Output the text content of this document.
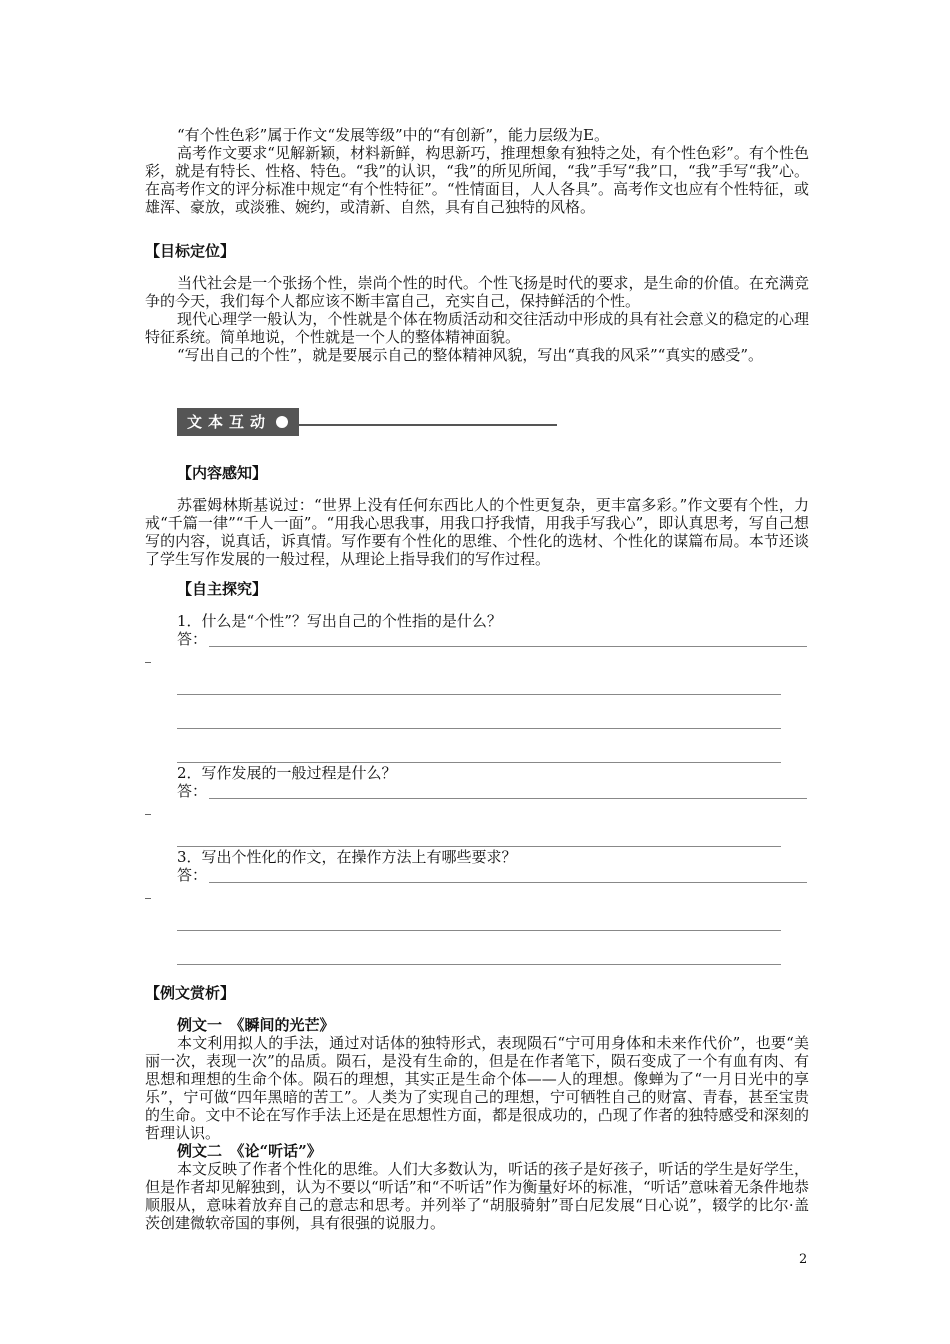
“有个性色彩”属于作文“发展等级”中的“有创新”，能力层级为E。

高考作文要求“见解新颖，材料新鲜，构思新巧，推理想象有独特之处，有个性色彩”。有个性色彩，就是有特长、性格、特色。“我”的认识，“我”的所见所闻，“我”手写“我”口，“我”手写“我”心。在高考作文的评分标准中规定“有个性特征”。“性情面目，人人各具”。高考作文也应有个性特征，或雄浑、豪放，或淡雅、婉约，或清新、自然，具有自己独特的风格。

【目标定位】

当代社会是一个张扬个性，崇尚个性的时代。个性飞扬是时代的要求，是生命的价值。在充满竞争的今天，我们每个人都应该不断丰富自己，充实自己，保持鲜活的个性。

现代心理学一般认为，个性就是个体在物质活动和交往活动中形成的具有社会意义的稳定的心理特征系统。简单地说，个性就是一个人的整体精神面貌。

“写出自己的个性”，就是要展示自己的整体精神风貌，写出“真我的风采”“真实的感受”。

文本互动
【内容感知】

苏霍姆林斯基说过：“世界上没有任何东西比人的个性更复杂，更丰富多彩。”作文要有个性，力戒“千篇一律”“千人一面”。“用我心思我事，用我口抒我情，用我手写我心”，即认真思考，写自己想写的内容，说真话，诉真情。写作要有个性化的思维、个性化的选材、个性化的谋篇布局。本节还谈了学生写作发展的一般过程，从理论上指导我们的写作过程。

【自主探究】
1．什么是“个性”？写出自己的个性指的是什么？
答：
2．写作发展的一般过程是什么？
答：
3．写出个性化的作文，在操作方法上有哪些要求？
答：
【例文赏析】

例文一　《瞬间的光芒》

本文利用拟人的手法，通过对话体的独特形式，表现陨石“宁可用身体和未来作代价”，也要“美丽一次，表现一次”的品质。陨石，是没有生命的，但是在作者笔下，陨石变成了一个有血有肉、有思想和理想的生命个体。陨石的理想，其实正是生命个体——人的理想。像蝉为了“一月日光中的享乐”，宁可做“四年黑暗的苦工”。人类为了实现自己的理想，宁可牺牲自己的财富、青春，甚至宝贵的生命。文中不论在写作手法上还是在思想性方面，都是很成功的，凸现了作者的独特感受和深刻的哲理认识。

例文二　《论“听话”》

本文反映了作者个性化的思维。人们大多数认为，听话的孩子是好孩子，听话的学生是好学生，但是作者却见解独到，认为不要以“听话”和“不听话”作为衡量好坏的标准，“听话”意味着无条件地恭顺服从，意味着放弃自己的意志和思考。并列举了“胡服骑射”哥白尼发展“日心说”，辍学的比尔·盖茨创建微软帝国的事例，具有很强的说服力。

2
